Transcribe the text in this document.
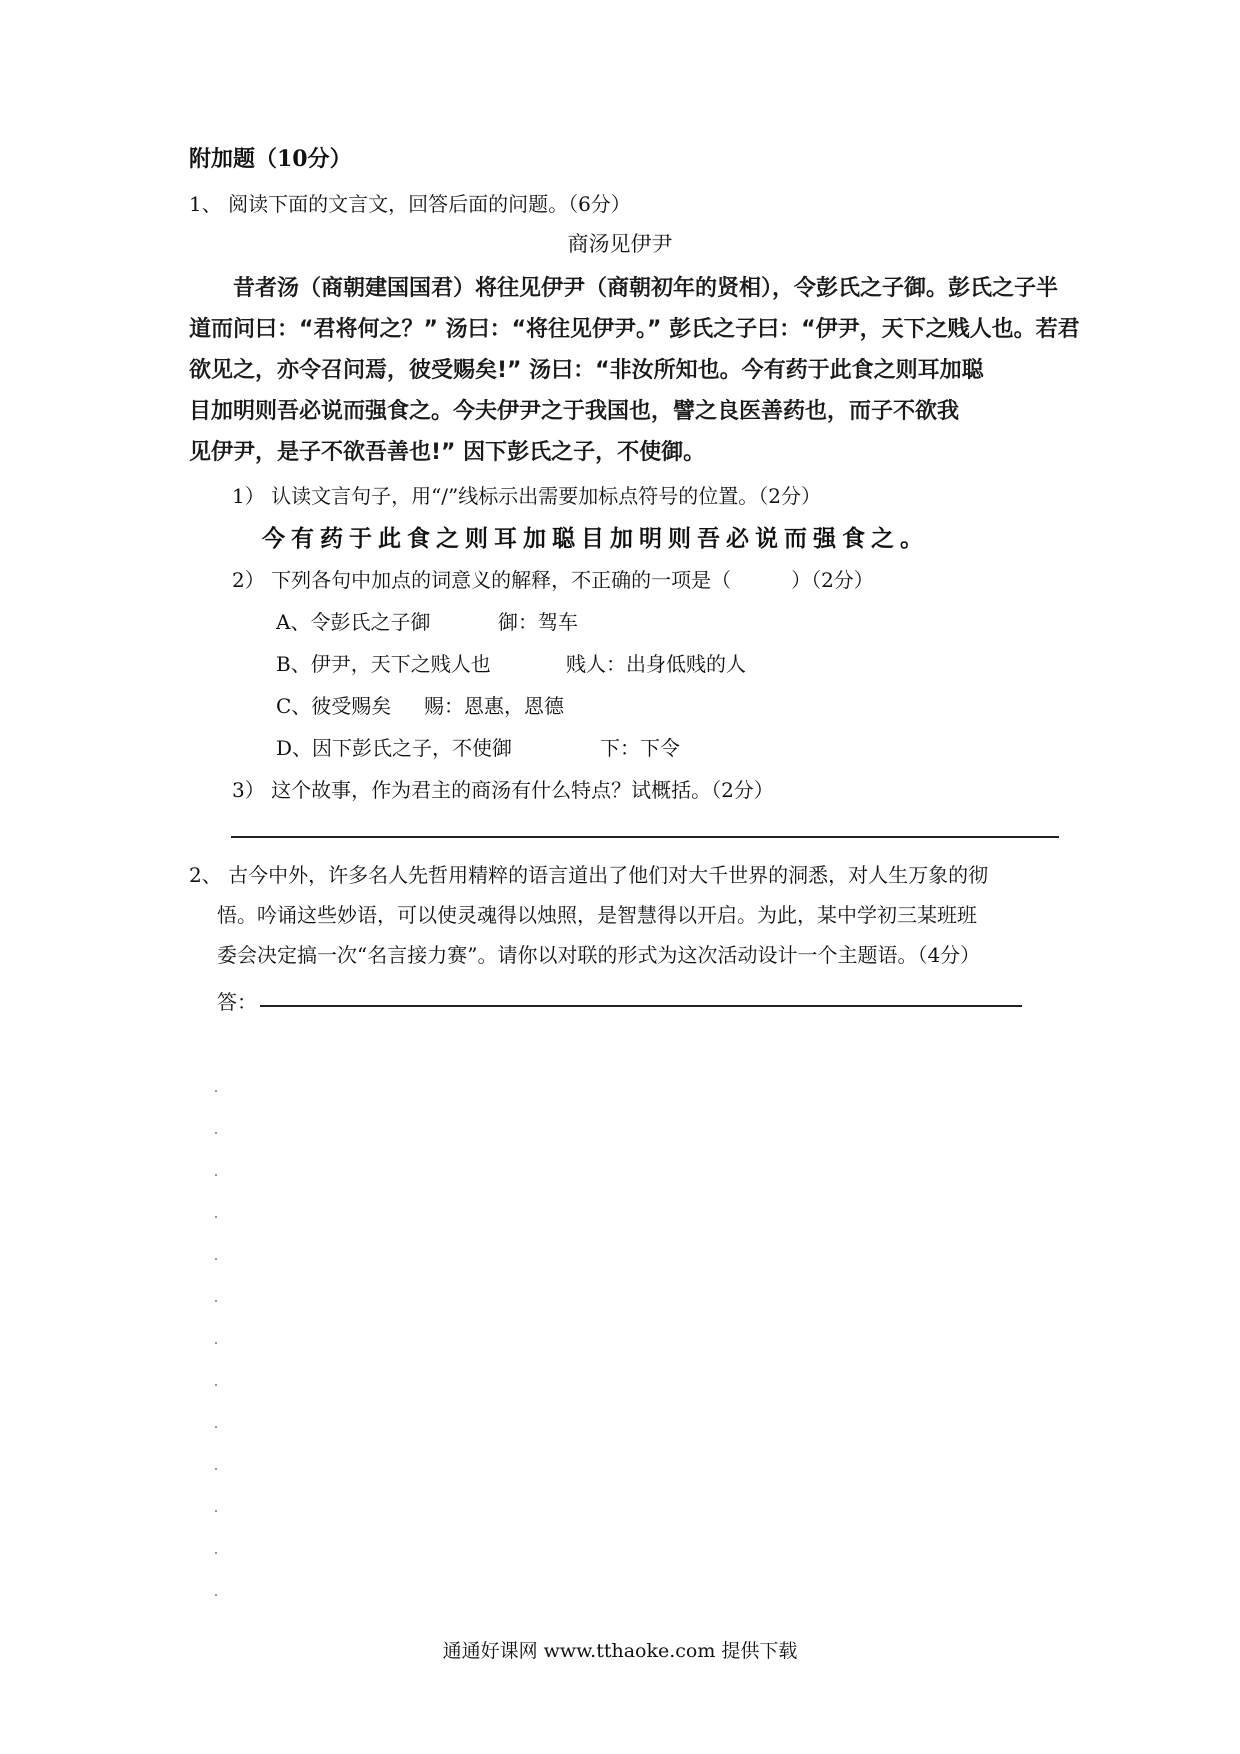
附加题（10分）
1、 阅读下面的文言文，回答后面的问题。（6分）
商汤见伊尹
昔者汤（商朝建国国君）将往见伊尹（商朝初年的贤相），令彭氏之子御。彭氏之子半
道而问曰：“君将何之？” 汤曰：“将往见伊尹。” 彭氏之子曰：“伊尹，天下之贱人也。若君
欲见之，亦令召问焉，彼受赐矣!” 汤曰：“非汝所知也。今有药于此食之则耳加聪
目加明则吾必说而强食之。今夫伊尹之于我国也，譬之良医善药也，而子不欲我
见伊尹，是子不欲吾善也!” 因下彭氏之子，不使御。
1） 认读文言句子，用“/”线标示出需要加标点符号的位置。（2分）
今有药于此食之则耳加聪目加明则吾必说而强食之。
2） 下列各句中加点的词意义的解释，不正确的一项是（　　　）（2分）
A、令彭氏之子御	御：驾车
B、伊尹，天下之贱人也	贱人：出身低贱的人
C、彼受赐矣 赐：恩惠，恩德
D、因下彭氏之子，不使御	下：下令
3） 这个故事，作为君主的商汤有什么特点？试概括。（2分）
2、 古今中外，许多名人先哲用精粹的语言道出了他们对大千世界的洞悉，对人生万象的彻
悟。吟诵这些妙语，可以使灵魂得以烛照，是智慧得以开启。为此，某中学初三某班班
委会决定搞一次“名言接力赛”。请你以对联的形式为这次活动设计一个主题语。（4分）
答：
通通好课网 www.tthaoke.com 提供下载
